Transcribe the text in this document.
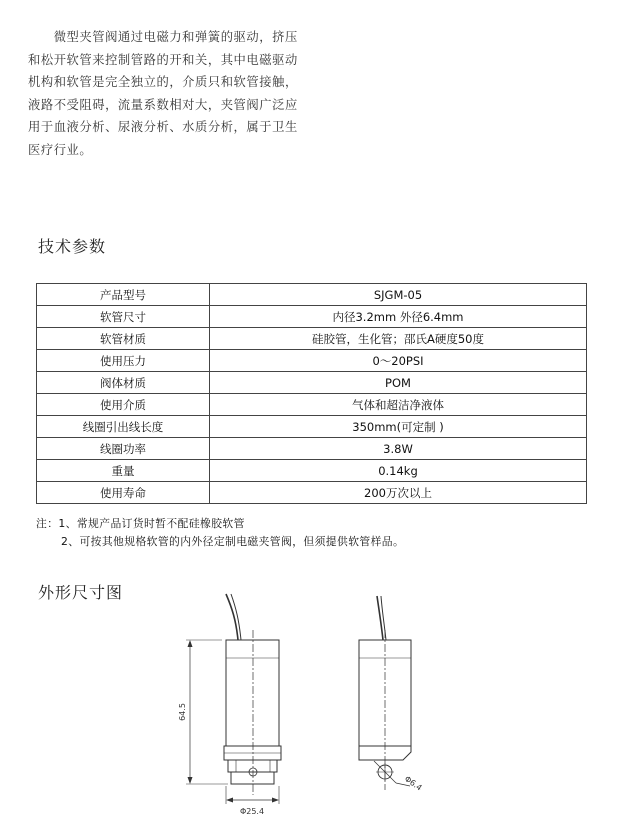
　　微型夹管阀通过电磁力和弹簧的驱动，挤压
和松开软管来控制管路的开和关，其中电磁驱动
机构和软管是完全独立的，介质只和软管接触，
液路不受阻碍，流量系数相对大，夹管阀广泛应
用于血液分析、尿液分析、水质分析，属于卫生
医疗行业。
技术参数
产品型号	SJGM-05
软管尺寸	内径3.2mm 外径6.4mm
软管材质	硅胶管，生化管；邵氏A硬度50度
使用压力	0～20PSI
阀体材质	POM
使用介质	气体和超洁净液体
线圈引出线长度	350mm(可定制 )
线圈功率	3.8W
重量	0.14kg
使用寿命	200万次以上
注：1、常规产品订货时暂不配硅橡胶软管
2、可按其他规格软管的内外径定制电磁夹管阀，但须提供软管样品。
外形尺寸图
64.5
Φ25.4
Φ6.4
